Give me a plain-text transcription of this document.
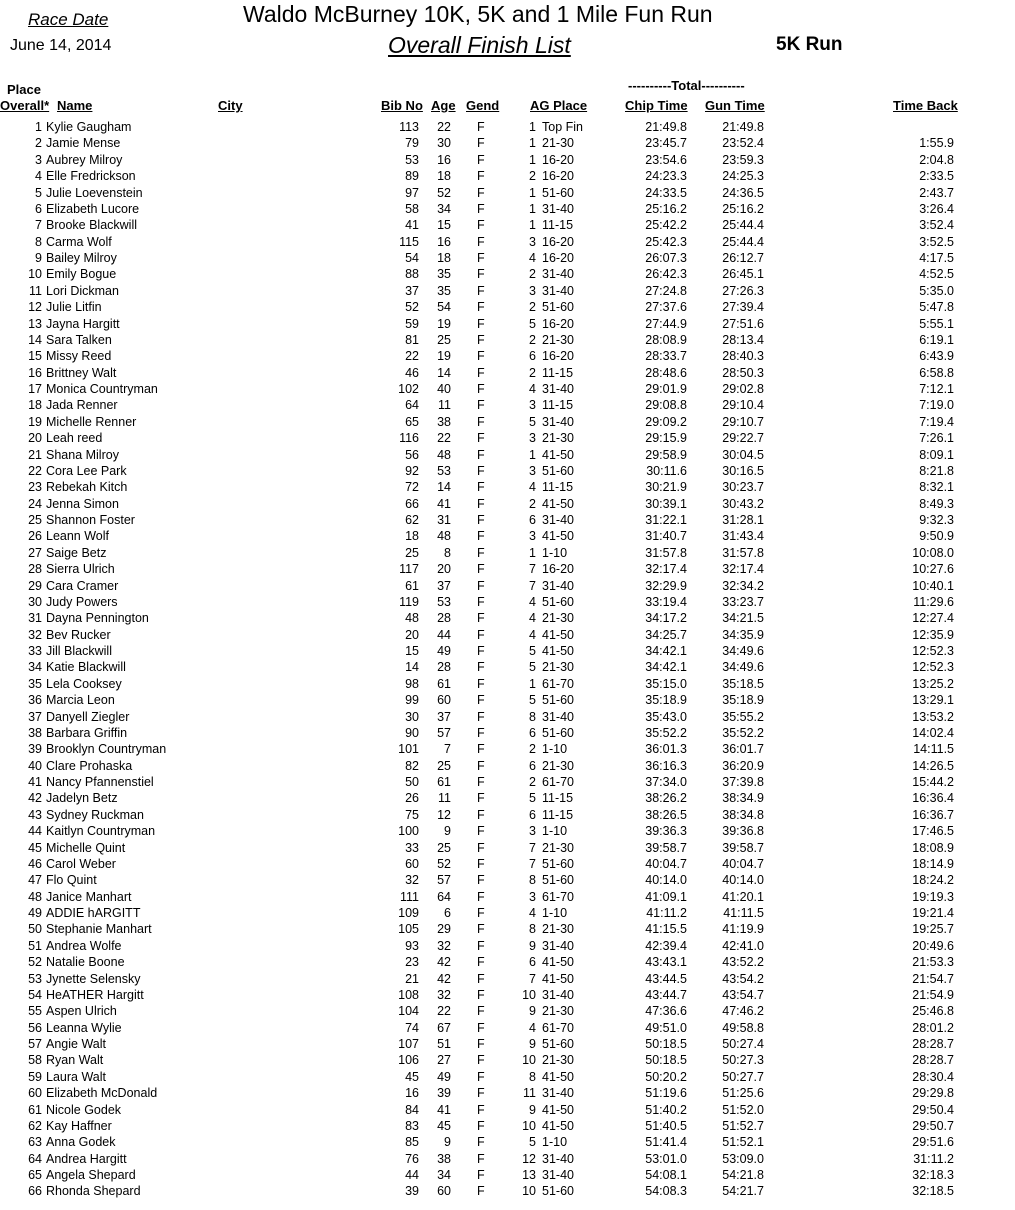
Race Date
June 14, 2014
Waldo McBurney 10K, 5K and 1 Mile Fun Run
Overall Finish List	5K Run
----------Total----------
Place
Overall* Name	City	Bib No Age Gend AG Place	Chip Time Gun Time	Time Back
1 Kylie Gaugham	113 22 F	1 Top Fin	21:49.8	21:49.8
2 Jamie Mense	79 30 F	1 21-30	23:45.7	23:52.4	1:55.9
3 Aubrey Milroy	53 16 F	1 16-20	23:54.6	23:59.3	2:04.8
4 Elle Fredrickson	89 18 F	2 16-20	24:23.3	24:25.3	2:33.5
5 Julie Loevenstein	97 52 F	1 51-60	24:33.5	24:36.5	2:43.7
6 Elizabeth Lucore	58 34 F	1 31-40	25:16.2	25:16.2	3:26.4
7 Brooke Blackwill	41 15 F	1 11-15	25:42.2	25:44.4	3:52.4
8 Carma Wolf	115 16 F	3 16-20	25:42.3	25:44.4	3:52.5
9 Bailey Milroy	54 18 F	4 16-20	26:07.3	26:12.7	4:17.5
10 Emily Bogue	88 35 F	2 31-40	26:42.3	26:45.1	4:52.5
11 Lori Dickman	37 35 F	3 31-40	27:24.8	27:26.3	5:35.0
12 Julie Litfin	52 54 F	2 51-60	27:37.6	27:39.4	5:47.8
13 Jayna Hargitt	59 19 F	5 16-20	27:44.9	27:51.6	5:55.1
14 Sara Talken	81 25 F	2 21-30	28:08.9	28:13.4	6:19.1
15 Missy Reed	22 19 F	6 16-20	28:33.7	28:40.3	6:43.9
16 Brittney Walt	46 14 F	2 11-15	28:48.6	28:50.3	6:58.8
17 Monica Countryman	102 40 F	4 31-40	29:01.9	29:02.8	7:12.1
18 Jada Renner	64 11 F	3 11-15	29:08.8	29:10.4	7:19.0
19 Michelle Renner	65 38 F	5 31-40	29:09.2	29:10.7	7:19.4
20 Leah reed	116 22 F	3 21-30	29:15.9	29:22.7	7:26.1
21 Shana Milroy	56 48 F	1 41-50	29:58.9	30:04.5	8:09.1
22 Cora Lee Park	92 53 F	3 51-60	30:11.6	30:16.5	8:21.8
23 Rebekah Kitch	72 14 F	4 11-15	30:21.9	30:23.7	8:32.1
24 Jenna Simon	66 41 F	2 41-50	30:39.1	30:43.2	8:49.3
25 Shannon Foster	62 31 F	6 31-40	31:22.1	31:28.1	9:32.3
26 Leann Wolf	18 48 F	3 41-50	31:40.7	31:43.4	9:50.9
27 Saige Betz	25 8 F	1 1-10	31:57.8	31:57.8	10:08.0
28 Sierra Ulrich	117 20 F	7 16-20	32:17.4	32:17.4	10:27.6
29 Cara Cramer	61 37 F	7 31-40	32:29.9	32:34.2	10:40.1
30 Judy Powers	119 53 F	4 51-60	33:19.4	33:23.7	11:29.6
31 Dayna Pennington	48 28 F	4 21-30	34:17.2	34:21.5	12:27.4
32 Bev Rucker	20 44 F	4 41-50	34:25.7	34:35.9	12:35.9
33 Jill Blackwill	15 49 F	5 41-50	34:42.1	34:49.6	12:52.3
34 Katie Blackwill	14 28 F	5 21-30	34:42.1	34:49.6	12:52.3
35 Lela Cooksey	98 61 F	1 61-70	35:15.0	35:18.5	13:25.2
36 Marcia Leon	99 60 F	5 51-60	35:18.9	35:18.9	13:29.1
37 Danyell Ziegler	30 37 F	8 31-40	35:43.0	35:55.2	13:53.2
38 Barbara Griffin	90 57 F	6 51-60	35:52.2	35:52.2	14:02.4
39 Brooklyn Countryman	101 7 F	2 1-10	36:01.3	36:01.7	14:11.5
40 Clare Prohaska	82 25 F	6 21-30	36:16.3	36:20.9	14:26.5
41 Nancy Pfannenstiel	50 61 F	2 61-70	37:34.0	37:39.8	15:44.2
42 Jadelyn Betz	26 11 F	5 11-15	38:26.2	38:34.9	16:36.4
43 Sydney Ruckman	75 12 F	6 11-15	38:26.5	38:34.8	16:36.7
44 Kaitlyn Countryman	100 9 F	3 1-10	39:36.3	39:36.8	17:46.5
45 Michelle Quint	33 25 F	7 21-30	39:58.7	39:58.7	18:08.9
46 Carol Weber	60 52 F	7 51-60	40:04.7	40:04.7	18:14.9
47 Flo Quint	32 57 F	8 51-60	40:14.0	40:14.0	18:24.2
48 Janice Manhart	111 64 F	3 61-70	41:09.1	41:20.1	19:19.3
49 ADDIE hARGITT	109 6 F	4 1-10	41:11.2	41:11.5	19:21.4
50 Stephanie Manhart	105 29 F	8 21-30	41:15.5	41:19.9	19:25.7
51 Andrea Wolfe	93 32 F	9 31-40	42:39.4	42:41.0	20:49.6
52 Natalie Boone	23 42 F	6 41-50	43:43.1	43:52.2	21:53.3
53 Jynette Selensky	21 42 F	7 41-50	43:44.5	43:54.2	21:54.7
54 HeATHER Hargitt	108 32 F	10 31-40	43:44.7	43:54.7	21:54.9
55 Aspen Ulrich	104 22 F	9 21-30	47:36.6	47:46.2	25:46.8
56 Leanna Wylie	74 67 F	4 61-70	49:51.0	49:58.8	28:01.2
57 Angie Walt	107 51 F	9 51-60	50:18.5	50:27.4	28:28.7
58 Ryan Walt	106 27 F	10 21-30	50:18.5	50:27.3	28:28.7
59 Laura Walt	45 49 F	8 41-50	50:20.2	50:27.7	28:30.4
60 Elizabeth McDonald	16 39 F	11 31-40	51:19.6	51:25.6	29:29.8
61 Nicole Godek	84 41 F	9 41-50	51:40.2	51:52.0	29:50.4
62 Kay Haffner	83 45 F	10 41-50	51:40.5	51:52.7	29:50.7
63 Anna Godek	85 9 F	5 1-10	51:41.4	51:52.1	29:51.6
64 Andrea Hargitt	76 38 F	12 31-40	53:01.0	53:09.0	31:11.2
65 Angela Shepard	44 34 F	13 31-40	54:08.1	54:21.8	32:18.3
66 Rhonda Shepard	39 60 F	10 51-60	54:08.3	54:21.7	32:18.5
